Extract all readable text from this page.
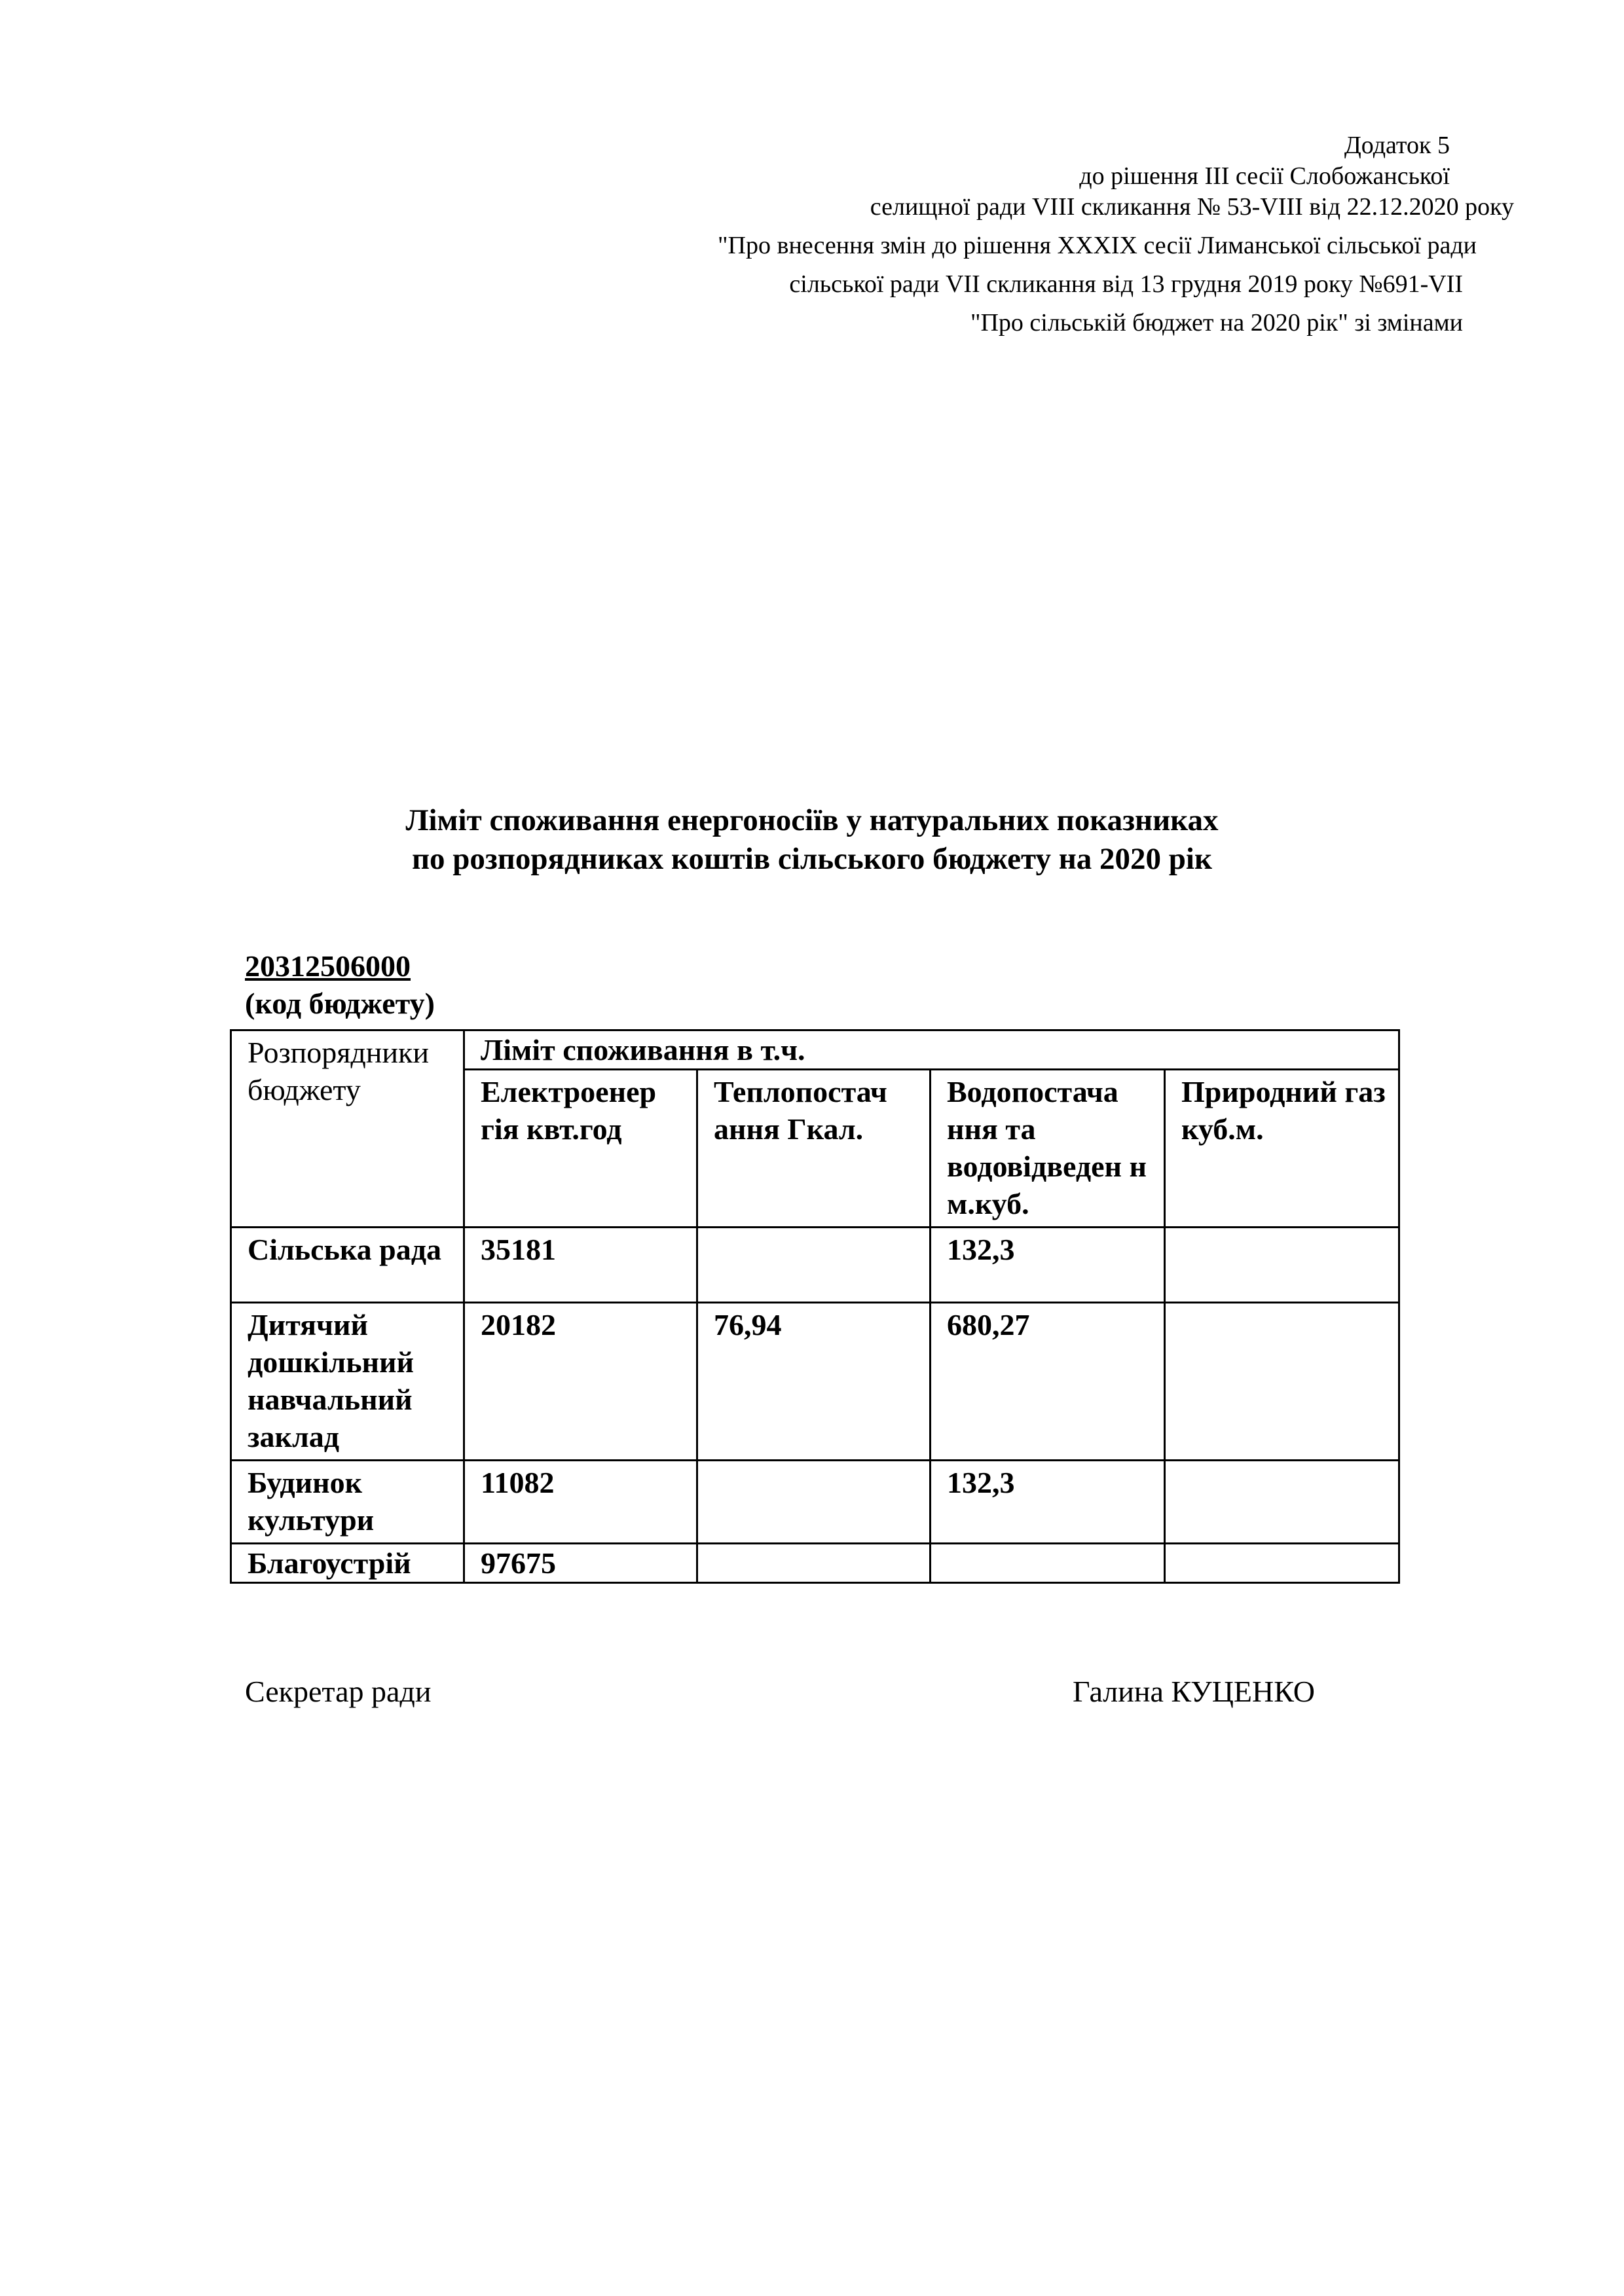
Додаток 5
до рішення ІІІ сесії Слобожанської
селищної ради VIII скликання № 53-VIII від 22.12.2020 року
"Про внесення змін до рішення ХХХІХ сесії Лиманської сільської ради
сільської ради VII скликання від 13 грудня 2019 року №691-VII
"Про сільській бюджет на 2020 рік" зі змінами
Ліміт споживання енергоносіїв у натуральних показниках
по розпорядниках коштів сільського бюджету на 2020 рік
20312506000
(код бюджету)
Розпорядники бюджету	Ліміт споживання в т.ч.			
	Електроенер гія квт.год	Теплопостач ання Гкал.	Водопостача ння та водовідведен н м.куб.	Природний газ куб.м.
Сільська рада	35181		132,3	
Дитячий дошкільний навчальний заклад	20182	76,94	680,27	
Будинок культури	11082		132,3	
Благоустрій	97675			
Секретар ради	Галина КУЦЕНКО
